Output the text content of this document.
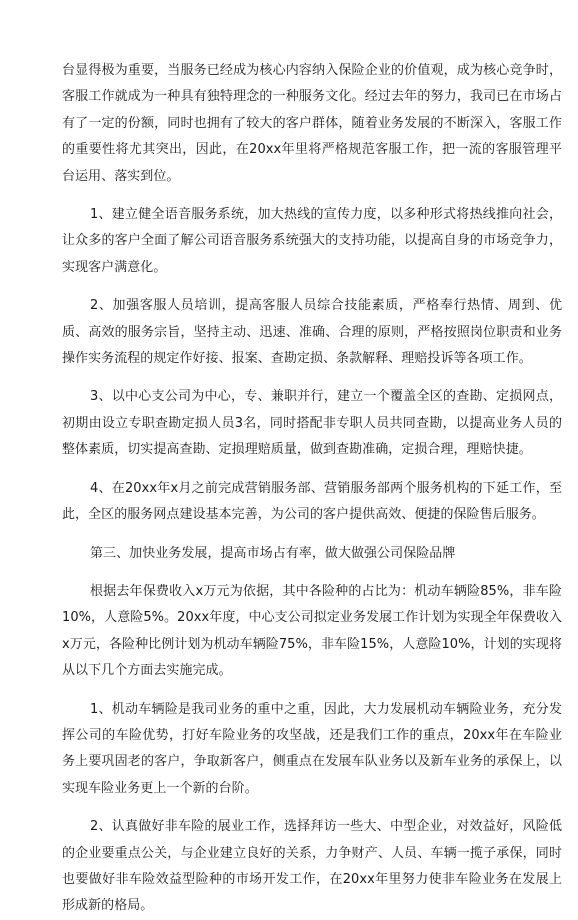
台显得极为重要，当服务已经成为核心内容纳入保险企业的价值观，成为核心竞争时，客服工作就成为一种具有独特理念的一种服务文化。经过去年的努力，我司已在市场占有了一定的份额，同时也拥有了较大的客户群体，随着业务发展的不断深入，客服工作的重要性将尤其突出，因此，在20xx年里将严格规范客服工作，把一流的客服管理平台运用、落实到位。

1、建立健全语音服务系统，加大热线的宣传力度，以多种形式将热线推向社会，让众多的客户全面了解公司语音服务系统强大的支持功能，以提高自身的市场竞争力，实现客户满意化。

2、加强客服人员培训，提高客服人员综合技能素质，严格奉行热情、周到、优质、高效的服务宗旨，坚持主动、迅速、准确、合理的原则，严格按照岗位职责和业务操作实务流程的规定作好接、报案、查勘定损、条款解释、理赔投诉等各项工作。

3、以中心支公司为中心，专、兼职并行，建立一个覆盖全区的查勘、定损网点，初期由设立专职查勘定损人员3名，同时搭配非专职人员共同查勘，以提高业务人员的整体素质，切实提高查勘、定损理赔质量，做到查勘准确，定损合理，理赔快捷。

4、在20xx年x月之前完成营销服务部、营销服务部两个服务机构的下延工作，至此，全区的服务网点建设基本完善，为公司的客户提供高效、便捷的保险售后服务。

第三、加快业务发展，提高市场占有率，做大做强公司保险品牌

根据去年保费收入x万元为依据，其中各险种的占比为：机动车辆险85%，非车险10%，人意险5%。20xx年度，中心支公司拟定业务发展工作计划为实现全年保费收入x万元，各险种比例计划为机动车辆险75%，非车险15%，人意险10%，计划的实现将从以下几个方面去实施完成。

1、机动车辆险是我司业务的重中之重，因此，大力发展机动车辆险业务，充分发挥公司的车险优势，打好车险业务的攻坚战，还是我们工作的重点，20xx年在车险业务上要巩固老的客户，争取新客户，侧重点在发展车队业务以及新车业务的承保上，以实现车险业务更上一个新的台阶。

2、认真做好非车险的展业工作，选择拜访一些大、中型企业，对效益好，风险低的企业要重点公关，与企业建立良好的关系，力争财产、人员、车辆一揽子承保，同时也要做好非车险效益型险种的市场开发工作，在20xx年里努力使非车险业务在发展上形成新的格局。
